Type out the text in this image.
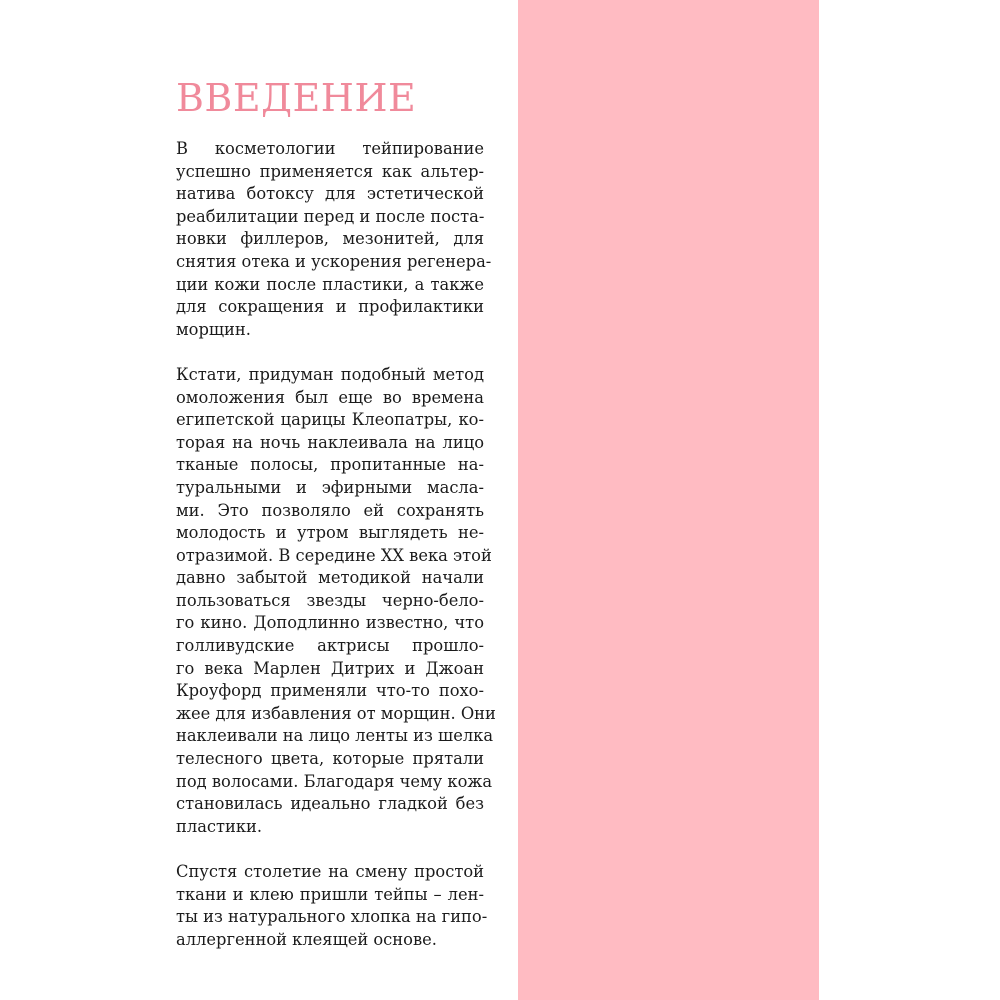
ВВЕДЕНИЕ

В косметологии тейпирование
успешно применяется как альтер-
натива ботоксу для эстетической
реабилитации перед и после поста-
новки филлеров, мезонитей, для
снятия отека и ускорения регенера-
ции кожи после пластики, а также
для сокращения и профилактики
морщин.

Кстати, придуман подобный метод
омоложения был еще во времена
египетской царицы Клеопатры, ко-
торая на ночь наклеивала на лицо
тканые полосы, пропитанные на-
туральными и эфирными масла-
ми. Это позволяло ей сохранять
молодость и утром выглядеть не-
отразимой. В середине XX века этой
давно забытой методикой начали
пользоваться звезды черно-бело-
го кино. Доподлинно известно, что
голливудские актрисы прошло-
го века Марлен Дитрих и Джоан
Кроуфорд применяли что-то похо-
жее для избавления от морщин. Они
наклеивали на лицо ленты из шелка
телесного цвета, которые прятали
под волосами. Благодаря чему кожа
становилась идеально гладкой без
пластики.

Спустя столетие на смену простой
ткани и клею пришли тейпы – лен-
ты из натурального хлопка на гипо-
аллергенной клеящей основе.
